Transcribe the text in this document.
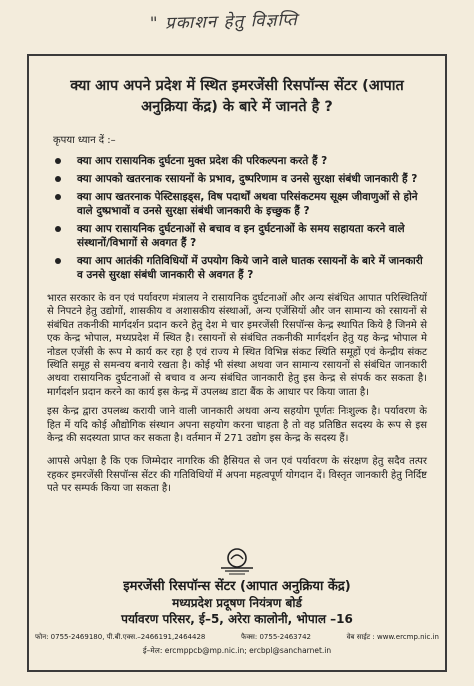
" प्रकाशन हेतु विज्ञप्ति
क्या आप अपने प्रदेश में स्थित इमरजेंसी रिसपॉन्स सेंटर (आपात अनुक्रिया केंद्र) के बारे में जानते है ?
कृपया ध्यान दें :–
क्या आप रासायनिक दुर्घटना मुक्त प्रदेश की परिकल्पना करते हैं ?
क्या आपको खतरनाक रसायनों के प्रभाव, दुष्परिणाम व उनसे सुरक्षा संबंधी जानकारी हैं ?
क्या आप खतरनाक पेस्टिसाइड्स, विष पदार्थों अथवा परिसंकटमय सूक्ष्म जीवाणुओं से होने वाले दुष्प्रभावों व उनसे सुरक्षा संबंधी जानकारी के इच्छुक हैं ?
क्या आप रासायनिक दुर्घटनाओं से बचाव व इन दुर्घटनाओं के समय सहायता करने वाले संस्थानों/विभागों से अवगत हैं ?
क्या आप आतंकी गतिविधियों में उपयोग किये जाने वाले घातक रसायनों के बारे में जानकारी व उनसे सुरक्षा संबंधी जानकारी से अवगत हैं ?

भारत सरकार के वन एवं पर्यावरण मंत्रालय ने रासायनिक दुर्घटनाओं और अन्य संबंधित आपात परिस्थितियों से निपटने हेतु उद्योगों, शासकीय व अशासकीय संस्थाओं, अन्य एजेंसियों और जन सामान्य को रसायनों से संबंधित तकनीकी मार्गदर्शन प्रदान करने हेतु देश मे चार इमरजेंसी रिसपॉन्स केन्द्र स्थापित किये है जिनमे से एक केन्द्र भोपाल, मध्यप्रदेश में स्थित है। रसायनों से संबंधित तकनीकी मार्गदर्शन हेतु यह केन्द्र भोपाल मे नोडल एजेंसी के रूप मे कार्य कर रहा है एवं राज्य मे स्थित विभिन्न संकट स्थिति समूहों एवं केन्द्रीय संकट स्थिति समूह से समन्वय बनाये रखता है। कोई भी संस्था अथवा जन सामान्य रसायनों से संबंधित जानकारी अथवा रासायनिक दुर्घटनाओं से बचाव व अन्य संबंधित जानकारी हेतु इस केन्द्र से संपर्क कर सकता है। मार्गदर्शन प्रदान करने का कार्य इस केन्द्र में उपलब्ध डाटा बैंक के आधार पर किया जाता है।

इस केन्द्र द्वारा उपलब्ध करायी जाने वाली जानकारी अथवा अन्य सहयोग पूर्णतः निःशुल्क है। पर्यावरण के हित में यदि कोई औद्योगिक संस्थान अपना सहयोग करना चाहता है तो वह प्रतिष्ठित सदस्य के रूप से इस केन्द्र की सदस्यता प्राप्त कर सकता है। वर्तमान में 271 उद्योग इस केन्द्र के सदस्य हैं।

आपसे अपेक्षा है कि एक जिम्मेदार नागरिक की हैसियत से जन एवं पर्यावरण के संरक्षण हेतु सदैव तत्पर रहकर इमरजेंसी रिसपॉन्स सेंटर की गतिविधियों में अपना महत्वपूर्ण योगदान दें। विस्तृत जानकारी हेतु निर्दिष्ट पते पर सम्पर्क किया जा सकता है।
इमरजेंसी रिसपॉन्स सेंटर (आपात अनुक्रिया केंद्र)
मध्यप्रदेश प्रदूषण नियंत्रण बोर्ड
पर्यावरण परिसर, ई–5, अरेरा कालोनी, भोपाल –16
फोन: 0755-2469180, पी.बी.एक्स.–2466191,2464428	फैक्स: 0755-2463742	वेब साईट : www.ercmp.nic.in
ई–मेल: ercmppcb@mp.nic.in; ercbpl@sancharnet.in
